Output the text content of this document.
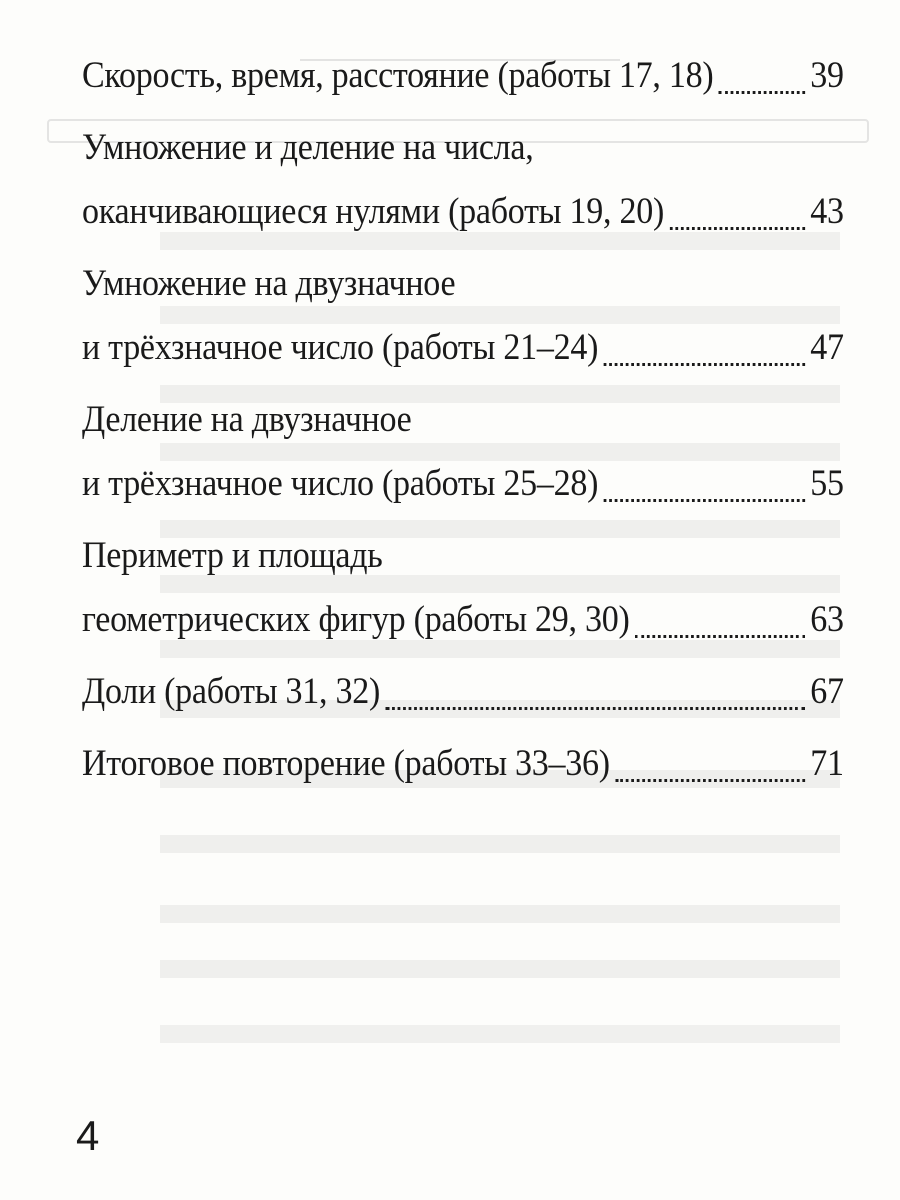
Скорость, время, расстояние (работы 17, 18)	39
Умножение и деление на числа,
оканчивающиеся нулями (работы 19, 20)	43
Умножение на двузначное
и трёхзначное число (работы 21–24)	47
Деление на двузначное
и трёхзначное число (работы 25–28)	55
Периметр и площадь
геометрических фигур (работы 29, 30)	63
Доли (работы 31, 32)	67
Итоговое повторение (работы 33–36)	71
4
